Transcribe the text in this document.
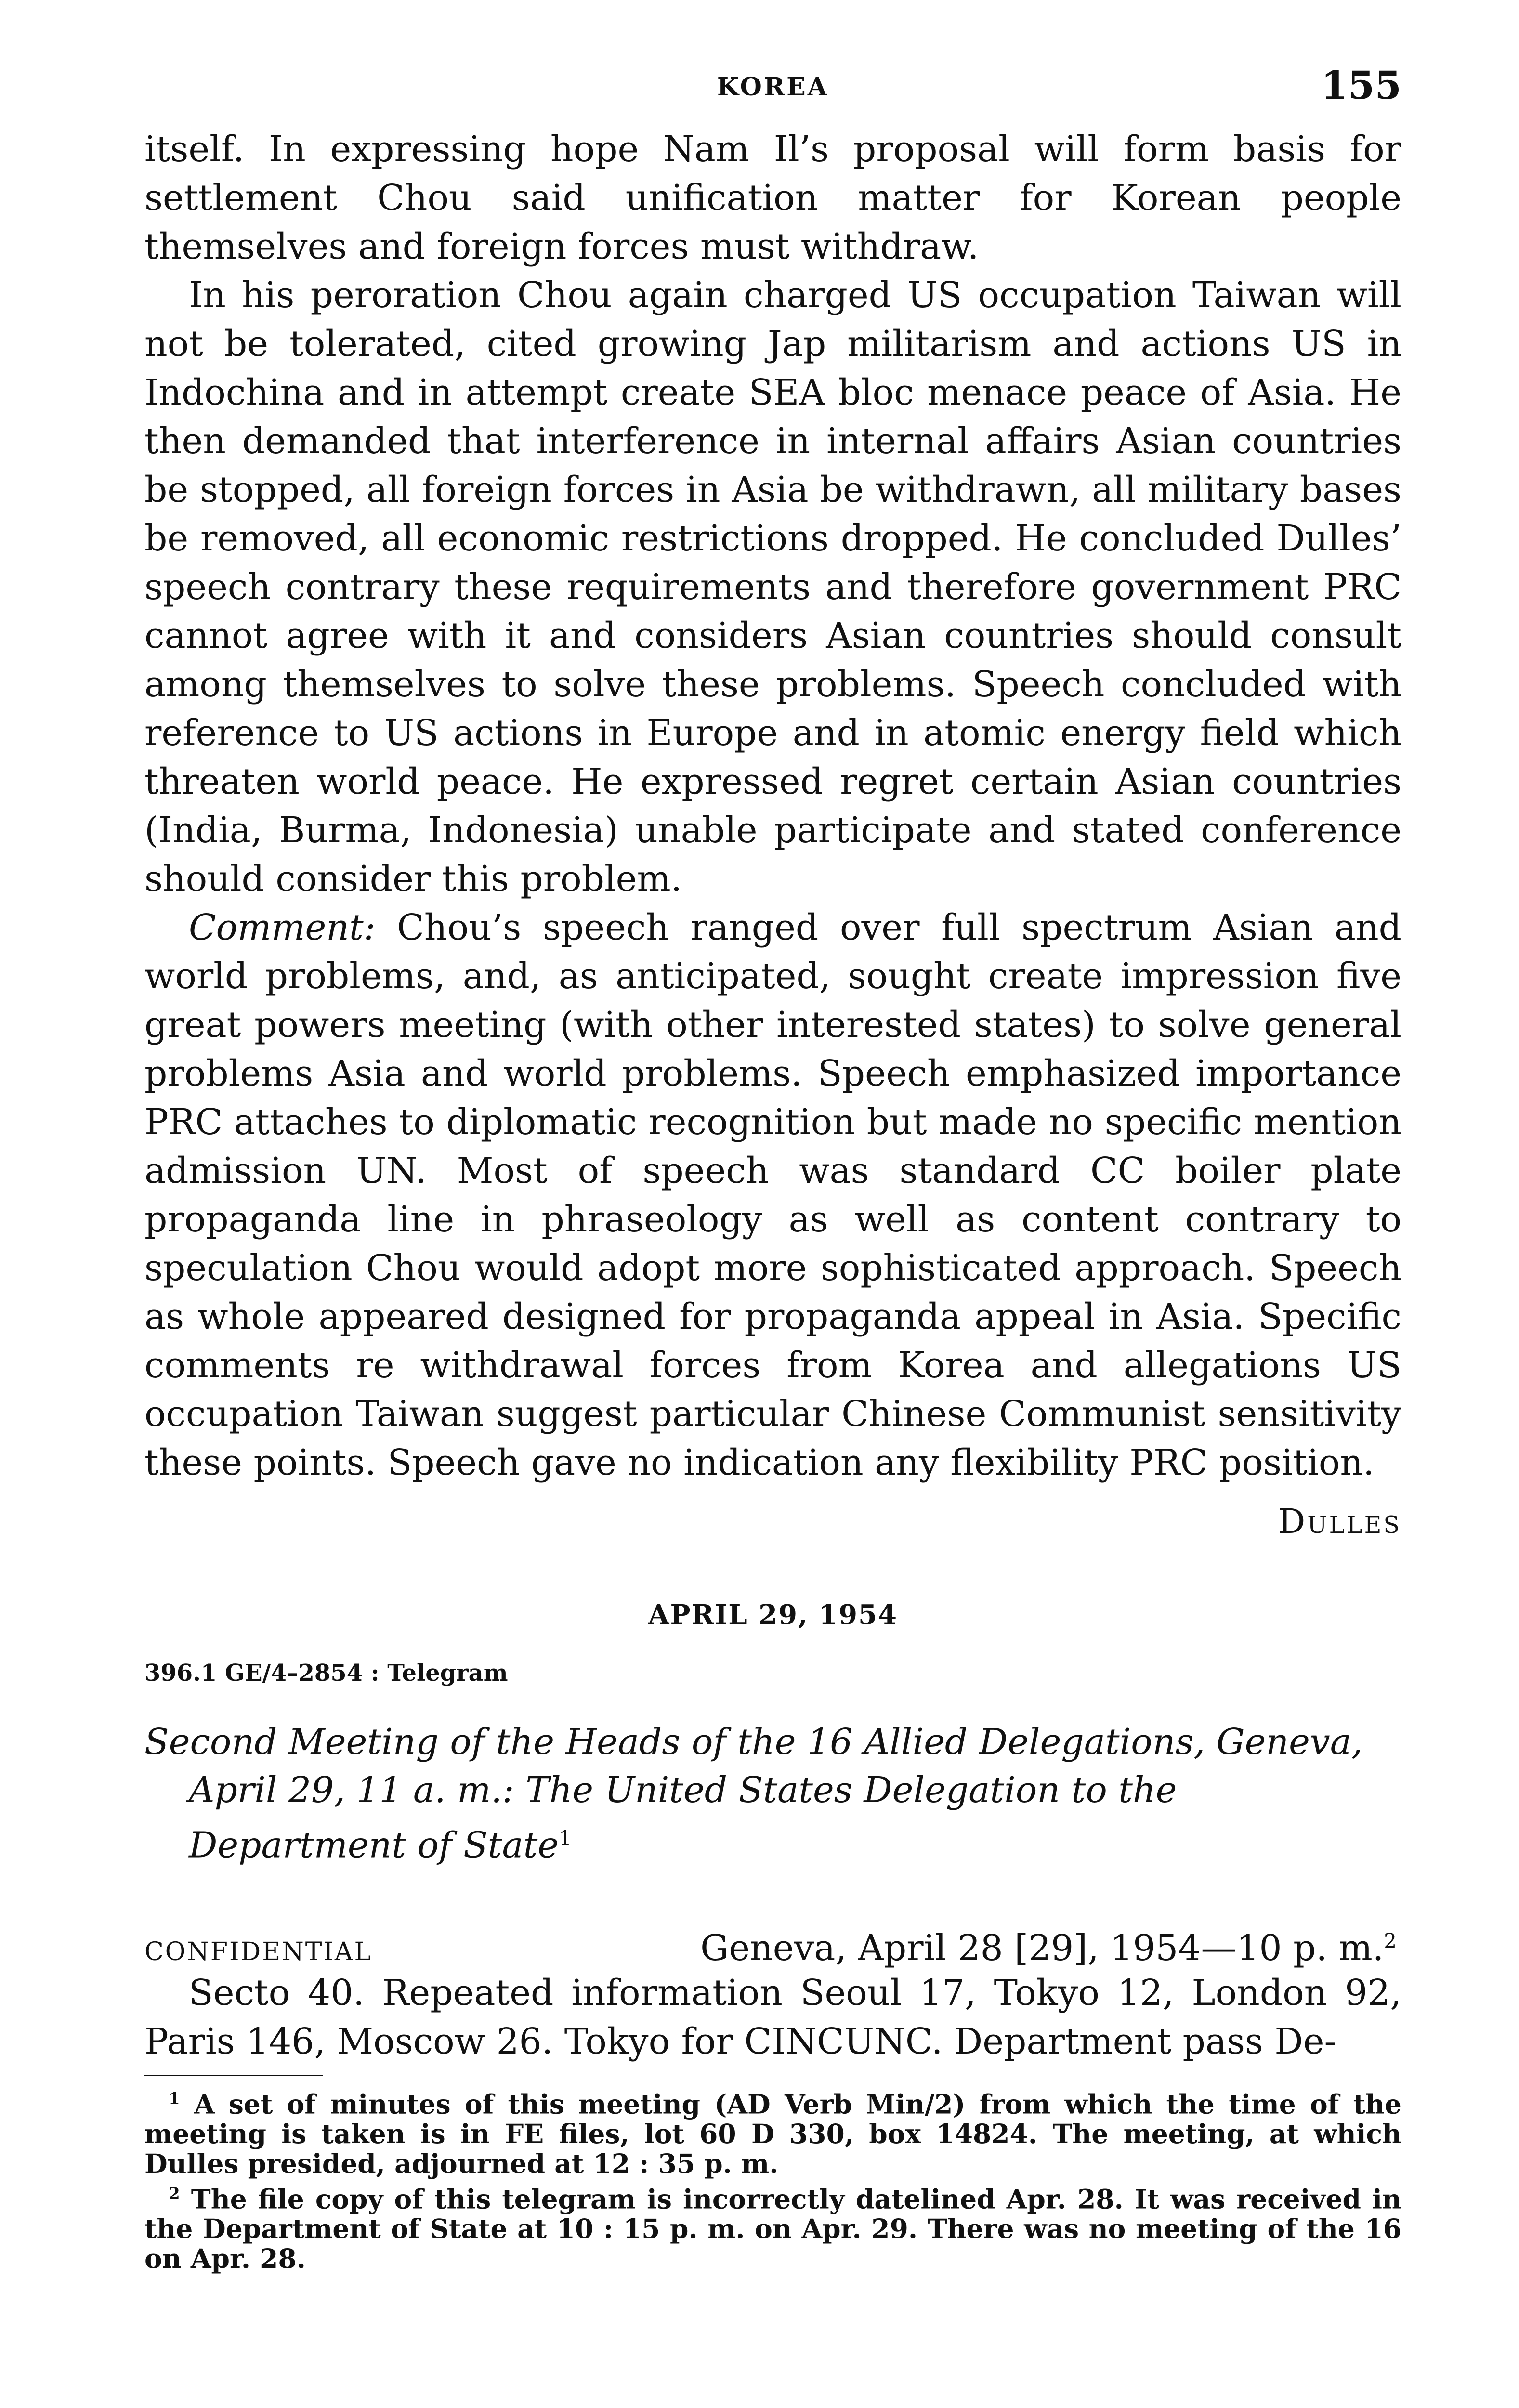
KOREA	155

itself. In expressing hope Nam Il’s proposal will form basis for settlement Chou said unification matter for Korean people themselves and foreign forces must withdraw.

In his peroration Chou again charged US occupation Taiwan will not be tolerated, cited growing Jap militarism and actions US in Indochina and in attempt create SEA bloc menace peace of Asia. He then demanded that interference in internal affairs Asian countries be stopped, all foreign forces in Asia be withdrawn, all military bases be removed, all economic restrictions dropped. He concluded Dulles’ speech contrary these requirements and therefore government PRC cannot agree with it and considers Asian countries should consult among themselves to solve these problems. Speech concluded with reference to US actions in Europe and in atomic energy field which threaten world peace. He expressed regret certain Asian countries (India, Burma, Indonesia) unable participate and stated conference should consider this problem.

Comment: Chou’s speech ranged over full spectrum Asian and world problems, and, as anticipated, sought create impression five great powers meeting (with other interested states) to solve general problems Asia and world problems. Speech emphasized importance PRC attaches to diplomatic recognition but made no specific mention admission UN. Most of speech was standard CC boiler plate propaganda line in phraseology as well as content contrary to speculation Chou would adopt more sophisticated approach. Speech as whole appeared designed for propaganda appeal in Asia. Specific comments re withdrawal forces from Korea and allegations US occupation Taiwan suggest particular Chinese Communist sensitivity these points. Speech gave no indication any flexibility PRC position.

Dulles
APRIL 29, 1954
396.1 GE/4–2854 : Telegram
Second Meeting of the Heads of the 16 Allied Delegations, Geneva, April 29, 11 a. m.: The United States Delegation to the Department of State$^1$
CONFIDENTIAL	Geneva, April 28 [29], 1954—10 p. m.$^2$

Secto 40. Repeated information Seoul 17, Tokyo 12, London 92, Paris 146, Moscow 26. Tokyo for CINCUNC. Department pass De-

$^1$ A set of minutes of this meeting (AD Verb Min/2) from which the time of the meeting is taken is in FE files, lot 60 D 330, box 14824. The meeting, at which Dulles presided, adjourned at 12 : 35 p. m.

$^2$ The file copy of this telegram is incorrectly datelined Apr. 28. It was received in the Department of State at 10 : 15 p. m. on Apr. 29. There was no meeting of the 16 on Apr. 28.
